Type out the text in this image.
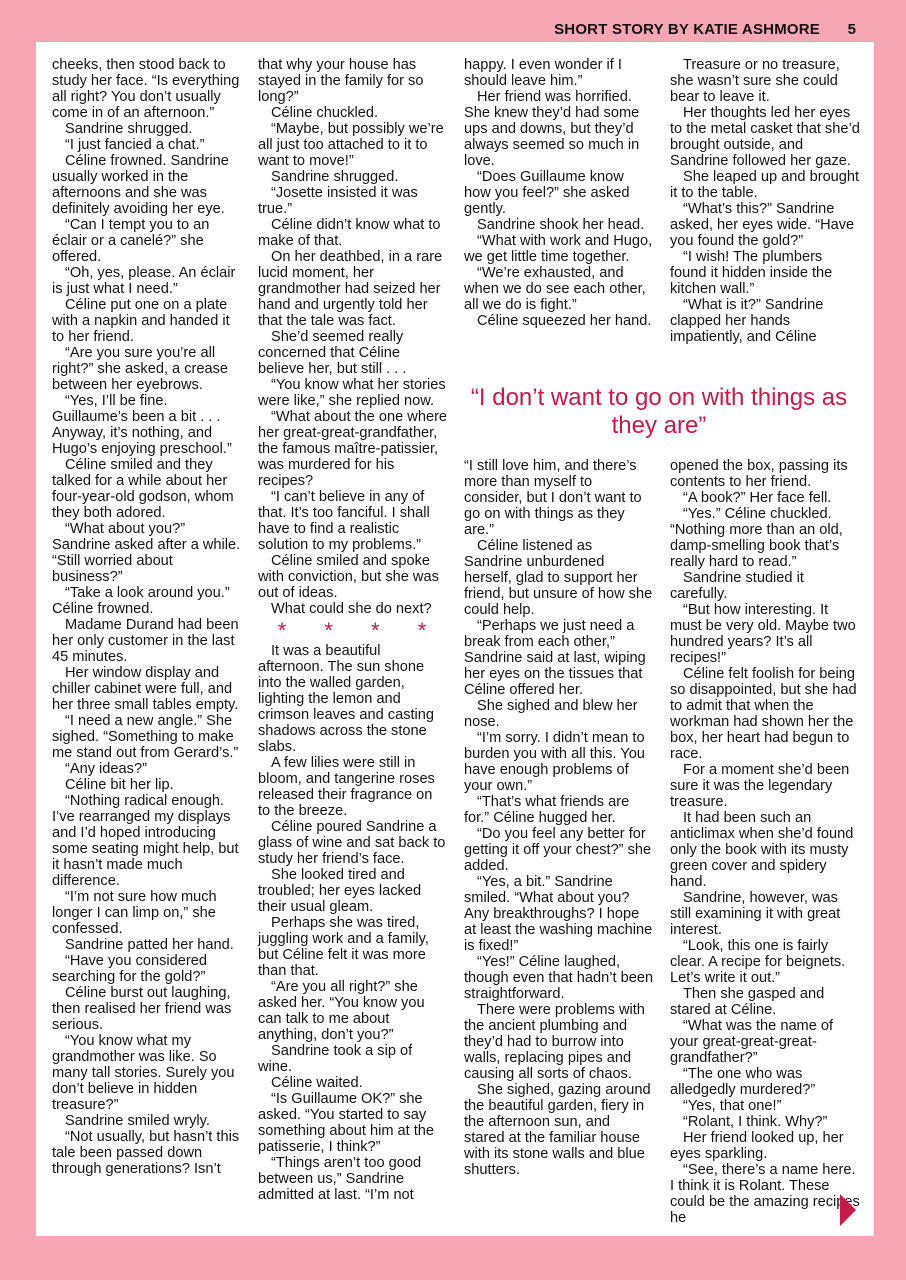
SHORT STORY BY KATIE ASHMORE 5

cheeks, then stood back to study her face. “Is everything all right? You don’t usually come in of an afternoon.”

Sandrine shrugged.

“I just fancied a chat.”

Céline frowned. Sandrine usually worked in the afternoons and she was definitely avoiding her eye.

“Can I tempt you to an éclair or a canelé?” she offered.

“Oh, yes, please. An éclair is just what I need.”

Céline put one on a plate with a napkin and handed it to her friend.

“Are you sure you’re all right?” she asked, a crease between her eyebrows.

“Yes, I’ll be fine. Guillaume’s been a bit . . . Anyway, it’s nothing, and Hugo’s enjoying preschool.”

Céline smiled and they talked for a while about her four-year-old godson, whom they both adored.

“What about you?” Sandrine asked after a while. “Still worried about business?”

“Take a look around you.” Céline frowned.

Madame Durand had been her only customer in the last 45 minutes.

Her window display and chiller cabinet were full, and her three small tables empty.

“I need a new angle.” She sighed. “Something to make me stand out from Gerard’s.”

“Any ideas?”

Céline bit her lip.

“Nothing radical enough. I’ve rearranged my displays and I’d hoped introducing some seating might help, but it hasn’t made much difference.

“I’m not sure how much longer I can limp on,” she confessed.

Sandrine patted her hand.

“Have you considered searching for the gold?”

Céline burst out laughing, then realised her friend was serious.

“You know what my grandmother was like. So many tall stories. Surely you don’t believe in hidden treasure?”

Sandrine smiled wryly.

“Not usually, but hasn’t this tale been passed down through generations? Isn’t

that why your house has stayed in the family for so long?”

Céline chuckled.

“Maybe, but possibly we’re all just too attached to it to want to move!”

Sandrine shrugged.

“Josette insisted it was true.”

Céline didn’t know what to make of that.

On her deathbed, in a rare lucid moment, her grandmother had seized her hand and urgently told her that the tale was fact.

She’d seemed really concerned that Céline believe her, but still . . .

“You know what her stories were like,” she replied now.

“What about the one where her great-great-grandfather, the famous maître-patissier, was murdered for his recipes?

“I can’t believe in any of that. It’s too fanciful. I shall have to find a realistic solution to my problems.”

Céline smiled and spoke with conviction, but she was out of ideas.

What could she do next?

* * * *

It was a beautiful afternoon. The sun shone into the walled garden, lighting the lemon and crimson leaves and casting shadows across the stone slabs.

A few lilies were still in bloom, and tangerine roses released their fragrance on to the breeze.

Céline poured Sandrine a glass of wine and sat back to study her friend’s face.

She looked tired and troubled; her eyes lacked their usual gleam.

Perhaps she was tired, juggling work and a family, but Céline felt it was more than that.

“Are you all right?” she asked her. “You know you can talk to me about anything, don’t you?”

Sandrine took a sip of wine.

Céline waited.

“Is Guillaume OK?” she asked. “You started to say something about him at the patisserie, I think?”

“Things aren’t too good between us,” Sandrine admitted at last. “I’m not

happy. I even wonder if I should leave him.”

Her friend was horrified. She knew they’d had some ups and downs, but they’d always seemed so much in love.

“Does Guillaume know how you feel?” she asked gently.

Sandrine shook her head.

“What with work and Hugo, we get little time together.

“We’re exhausted, and when we do see each other, all we do is fight.”

Céline squeezed her hand.

Treasure or no treasure, she wasn’t sure she could bear to leave it.

Her thoughts led her eyes to the metal casket that she’d brought outside, and Sandrine followed her gaze.

She leaped up and brought it to the table.

“What’s this?” Sandrine asked, her eyes wide. “Have you found the gold?”

“I wish! The plumbers found it hidden inside the kitchen wall.”

“What is it?” Sandrine clapped her hands impatiently, and Céline

“I don’t want to go on with things as they are”

“I still love him, and there’s more than myself to consider, but I don’t want to go on with things as they are.”

Céline listened as Sandrine unburdened herself, glad to support her friend, but unsure of how she could help.

“Perhaps we just need a break from each other,” Sandrine said at last, wiping her eyes on the tissues that Céline offered her.

She sighed and blew her nose.

“I’m sorry. I didn’t mean to burden you with all this. You have enough problems of your own.”

“That’s what friends are for.” Céline hugged her.

“Do you feel any better for getting it off your chest?” she added.

“Yes, a bit.” Sandrine smiled. “What about you? Any breakthroughs? I hope at least the washing machine is fixed!”

“Yes!” Céline laughed, though even that hadn’t been straightforward.

There were problems with the ancient plumbing and they’d had to burrow into walls, replacing pipes and causing all sorts of chaos.

She sighed, gazing around the beautiful garden, fiery in the afternoon sun, and stared at the familiar house with its stone walls and blue shutters.

opened the box, passing its contents to her friend.

“A book?” Her face fell.

“Yes.” Céline chuckled. “Nothing more than an old, damp-smelling book that’s really hard to read.”

Sandrine studied it carefully.

“But how interesting. It must be very old. Maybe two hundred years? It’s all recipes!”

Céline felt foolish for being so disappointed, but she had to admit that when the workman had shown her the box, her heart had begun to race.

For a moment she’d been sure it was the legendary treasure.

It had been such an anticlimax when she’d found only the book with its musty green cover and spidery hand.

Sandrine, however, was still examining it with great interest.

“Look, this one is fairly clear. A recipe for beignets. Let’s write it out.”

Then she gasped and stared at Céline.

“What was the name of your great-great-great-grandfather?”

“The one who was alledgedly murdered?”

“Yes, that one!”

“Rolant, I think. Why?”

Her friend looked up, her eyes sparkling.

“See, there’s a name here. I think it is Rolant. These could be the amazing recipes he
